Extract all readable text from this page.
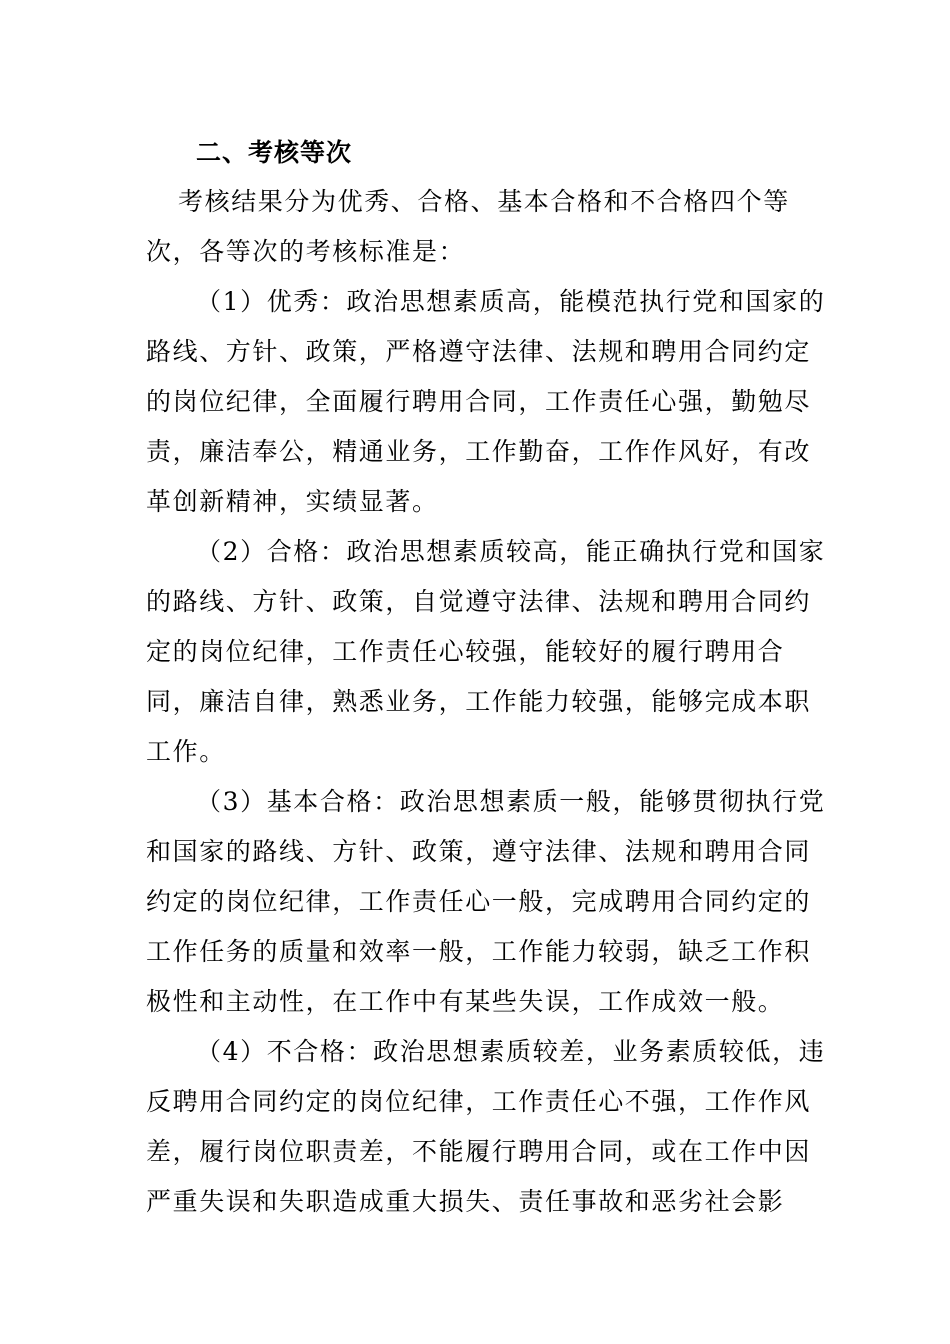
二、考核等次
考核结果分为优秀、合格、基本合格和不合格四个等
次，各等次的考核标准是：
（1）优秀：政治思想素质高，能模范执行党和国家的
路线、方针、政策，严格遵守法律、法规和聘用合同约定
的岗位纪律，全面履行聘用合同，工作责任心强，勤勉尽
责，廉洁奉公，精通业务，工作勤奋，工作作风好，有改
革创新精神，实绩显著。
（2）合格：政治思想素质较高，能正确执行党和国家
的路线、方针、政策，自觉遵守法律、法规和聘用合同约
定的岗位纪律，工作责任心较强，能较好的履行聘用合
同，廉洁自律，熟悉业务，工作能力较强，能够完成本职
工作。
（3）基本合格：政治思想素质一般，能够贯彻执行党
和国家的路线、方针、政策，遵守法律、法规和聘用合同
约定的岗位纪律，工作责任心一般，完成聘用合同约定的
工作任务的质量和效率一般，工作能力较弱，缺乏工作积
极性和主动性，在工作中有某些失误，工作成效一般。
（4）不合格：政治思想素质较差，业务素质较低，违
反聘用合同约定的岗位纪律，工作责任心不强，工作作风
差，履行岗位职责差，不能履行聘用合同，或在工作中因
严重失误和失职造成重大损失、责任事故和恶劣社会影
